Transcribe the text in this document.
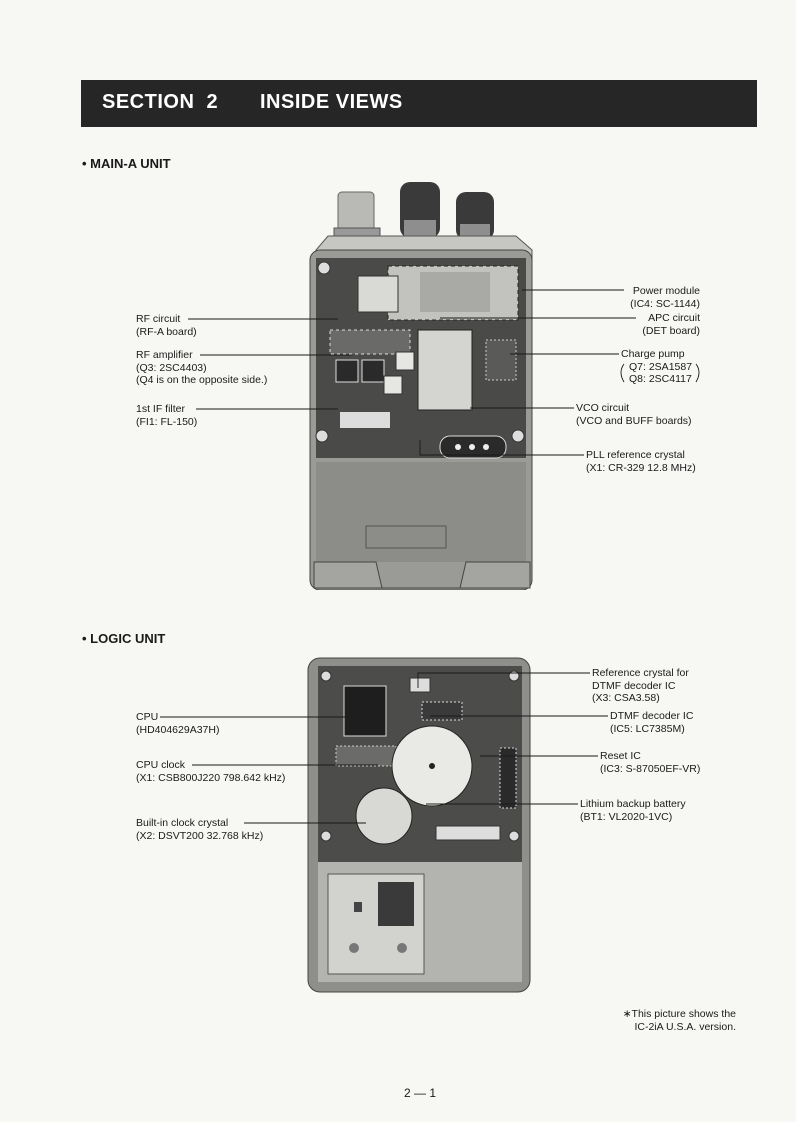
SECTION  2 INSIDE VIEWS
• MAIN-A UNIT
RF circuit
(RF-A board)
RF amplifier
(Q3: 2SC4403)
(Q4 is on the opposite side.)
1st IF filter
(FI1: FL-150)
Power module
(IC4: SC-1144)
APC circuit
(DET board)
Charge pump
Q7: 2SA1587
Q8: 2SC4117
VCO circuit
(VCO and BUFF boards)
PLL reference crystal
(X1: CR-329 12.8 MHz)
• LOGIC UNIT
CPU
(HD404629A37H)
CPU clock
(X1: CSB800J220 798.642 kHz)
Built-in clock crystal
(X2: DSVT200 32.768 kHz)
Reference crystal for
DTMF decoder IC
(X3: CSA3.58)
DTMF decoder IC
(IC5: LC7385M)
Reset IC
(IC3: S-87050EF-VR)
Lithium backup battery
(BT1: VL2020-1VC)
∗This picture shows the
IC-2iA U.S.A. version.
2 — 1
